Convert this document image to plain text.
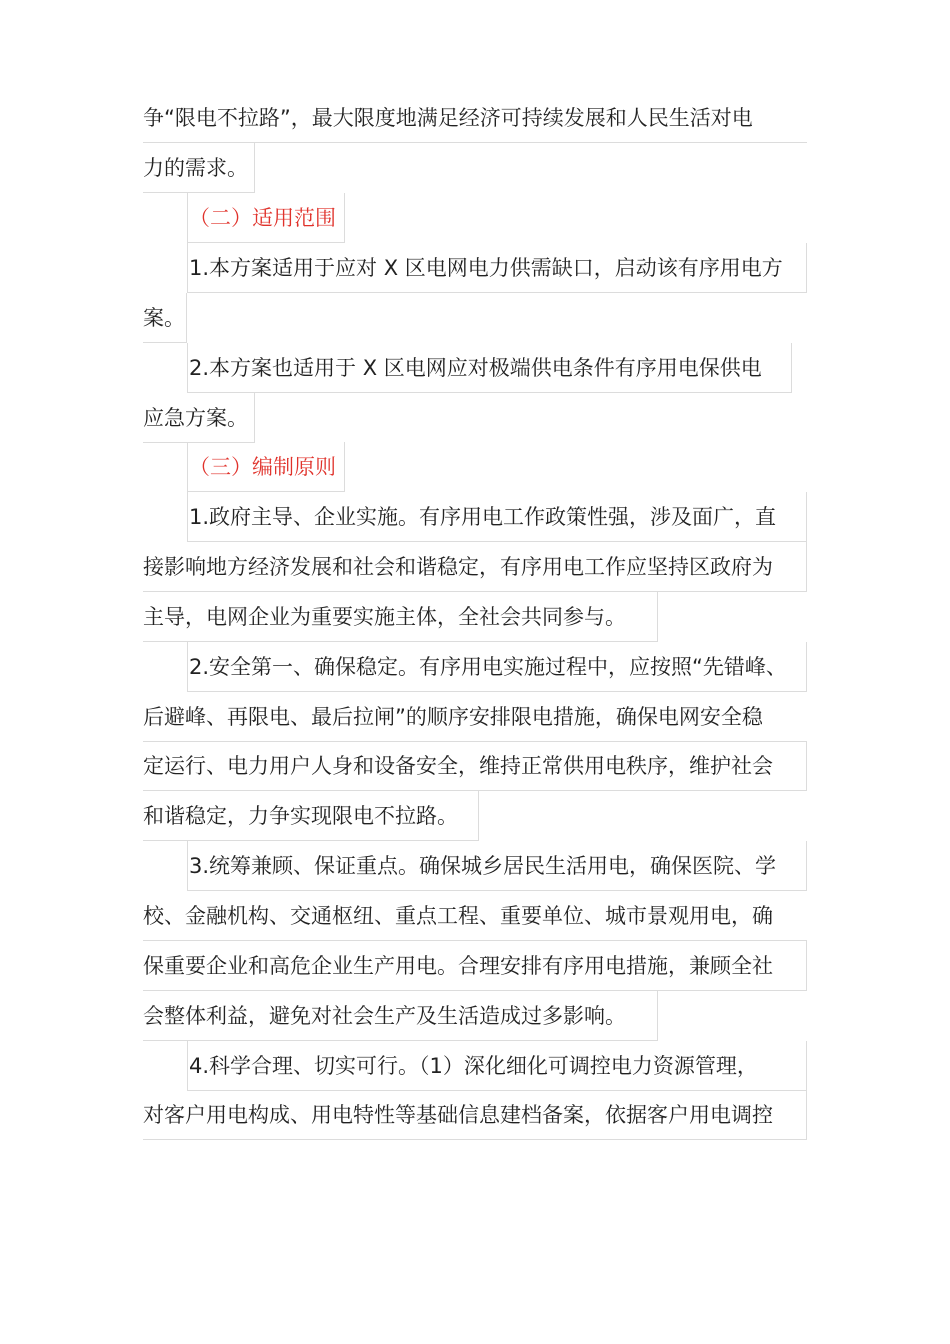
争“限电不拉路”，最大限度地满足经济可持续发展和人民生活对电
力的需求。
（二）适用范围
1.本方案适用于应对 X 区电网电力供需缺口，启动该有序用电方
案。
2.本方案也适用于 X 区电网应对极端供电条件有序用电保供电
应急方案。
（三）编制原则
1.政府主导、企业实施。有序用电工作政策性强，涉及面广，直
接影响地方经济发展和社会和谐稳定，有序用电工作应坚持区政府为
主导，电网企业为重要实施主体，全社会共同参与。
2.安全第一、确保稳定。有序用电实施过程中，应按照“先错峰、
后避峰、再限电、最后拉闸”的顺序安排限电措施，确保电网安全稳
定运行、电力用户人身和设备安全，维持正常供用电秩序，维护社会
和谐稳定，力争实现限电不拉路。
3.统筹兼顾、保证重点。确保城乡居民生活用电，确保医院、学
校、金融机构、交通枢纽、重点工程、重要单位、城市景观用电，确
保重要企业和高危企业生产用电。合理安排有序用电措施，兼顾全社
会整体利益，避免对社会生产及生活造成过多影响。
4.科学合理、切实可行。（1）深化细化可调控电力资源管理，
对客户用电构成、用电特性等基础信息建档备案，依据客户用电调控
